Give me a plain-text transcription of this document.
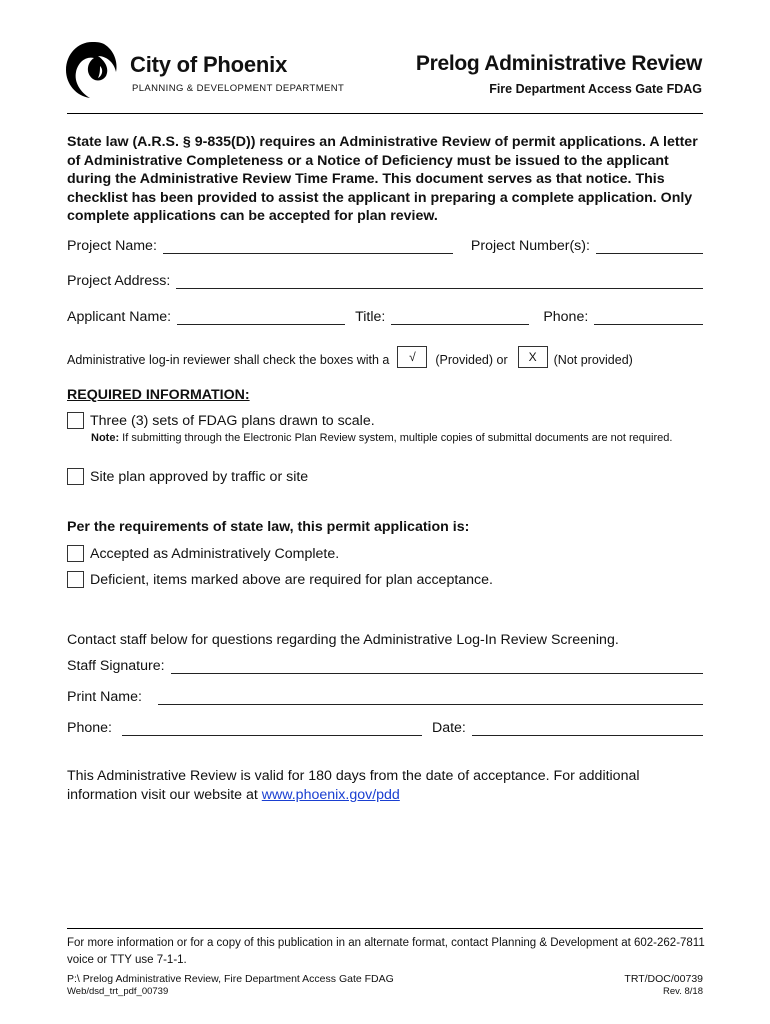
City of Phoenix
PLANNING & DEVELOPMENT DEPARTMENT
Prelog Administrative Review
Fire Department Access Gate FDAG
State law (A.R.S. § 9-835(D)) requires an Administrative Review of permit applications. A letter of Administrative Completeness or a Notice of Deficiency must be issued to the applicant during the Administrative Review Time Frame. This document serves as that notice. This checklist has been provided to assist the applicant in preparing a complete application. Only complete applications can be accepted for plan review.
Project Name:	Project Number(s):
Project Address:
Applicant Name:	Title:	Phone:
Administrative log-in reviewer shall check the boxes with a	√	(Provided) or	X	(Not provided)
REQUIRED INFORMATION:
Three (3) sets of FDAG plans drawn to scale.
Note: If submitting through the Electronic Plan Review system, multiple copies of submittal documents are not required.
Site plan approved by traffic or site
Per the requirements of state law, this permit application is:
Accepted as Administratively Complete.
Deficient, items marked above are required for plan acceptance.
Contact staff below for questions regarding the Administrative Log-In Review Screening.
Staff Signature:
Print Name:
Phone:	Date:
This Administrative Review is valid for 180 days from the date of acceptance. For additional information visit our website at www.phoenix.gov/pdd
For more information or for a copy of this publication in an alternate format, contact Planning & Development at 602-262-7811 voice or TTY use 7-1-1.
P:\ Prelog Administrative Review, Fire Department Access Gate FDAG	TRT/DOC/00739
Web/dsd_trt_pdf_00739	Rev. 8/18
